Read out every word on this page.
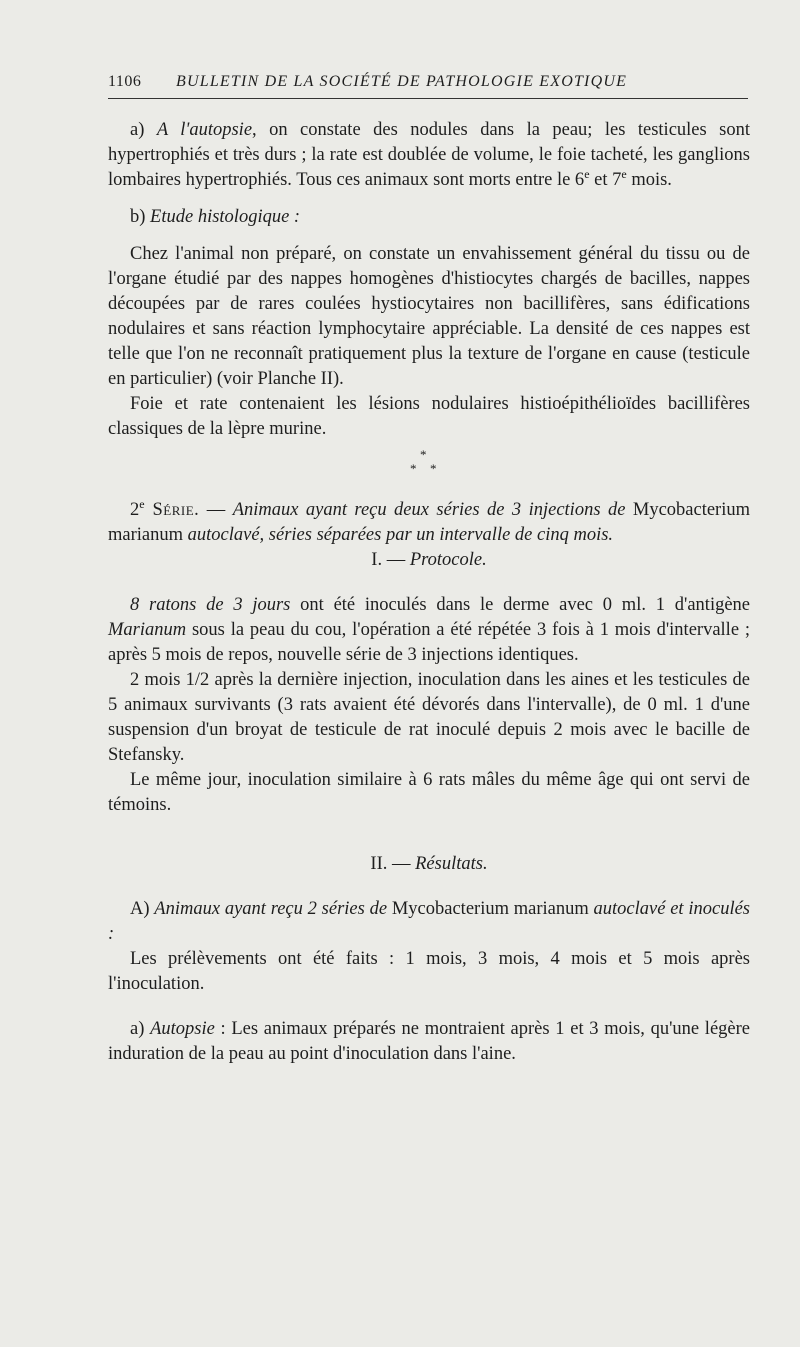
1106 BULLETIN DE LA SOCIÉTÉ DE PATHOLOGIE EXOTIQUE

a) A l'autopsie, on constate des nodules dans la peau; les testicules sont hypertrophiés et très durs ; la rate est doublée de volume, le foie tacheté, les ganglions lombaires hypertrophiés. Tous ces animaux sont morts entre le 6e et 7e mois.

b) Etude histologique :

Chez l'animal non préparé, on constate un envahissement général du tissu ou de l'organe étudié par des nappes homogènes d'histiocytes chargés de bacilles, nappes découpées par de rares coulées hystiocytaires non bacillifères, sans édifications nodulaires et sans réaction lymphocytaire appréciable. La densité de ces nappes est telle que l'on ne reconnaît pratiquement plus la texture de l'organe en cause (testicule en particulier) (voir Planche II).

Foie et rate contenaient les lésions nodulaires histioépithélioïdes bacillifères classiques de la lèpre murine.

*
* *

2e Série. — Animaux ayant reçu deux séries de 3 injections de Mycobacterium marianum autoclavé, séries séparées par un intervalle de cinq mois.

I. — Protocole.

8 ratons de 3 jours ont été inoculés dans le derme avec 0 ml. 1 d'antigène Marianum sous la peau du cou, l'opération a été répétée 3 fois à 1 mois d'intervalle ; après 5 mois de repos, nouvelle série de 3 injections identiques.

2 mois 1/2 après la dernière injection, inoculation dans les aines et les testicules de 5 animaux survivants (3 rats avaient été dévorés dans l'intervalle), de 0 ml. 1 d'une suspension d'un broyat de testicule de rat inoculé depuis 2 mois avec le bacille de Stefansky.

Le même jour, inoculation similaire à 6 rats mâles du même âge qui ont servi de témoins.

II. — Résultats.

A) Animaux ayant reçu 2 séries de Mycobacterium marianum autoclavé et inoculés :

Les prélèvements ont été faits : 1 mois, 3 mois, 4 mois et 5 mois après l'inoculation.

a) Autopsie : Les animaux préparés ne montraient après 1 et 3 mois, qu'une légère induration de la peau au point d'inoculation dans l'aine.
